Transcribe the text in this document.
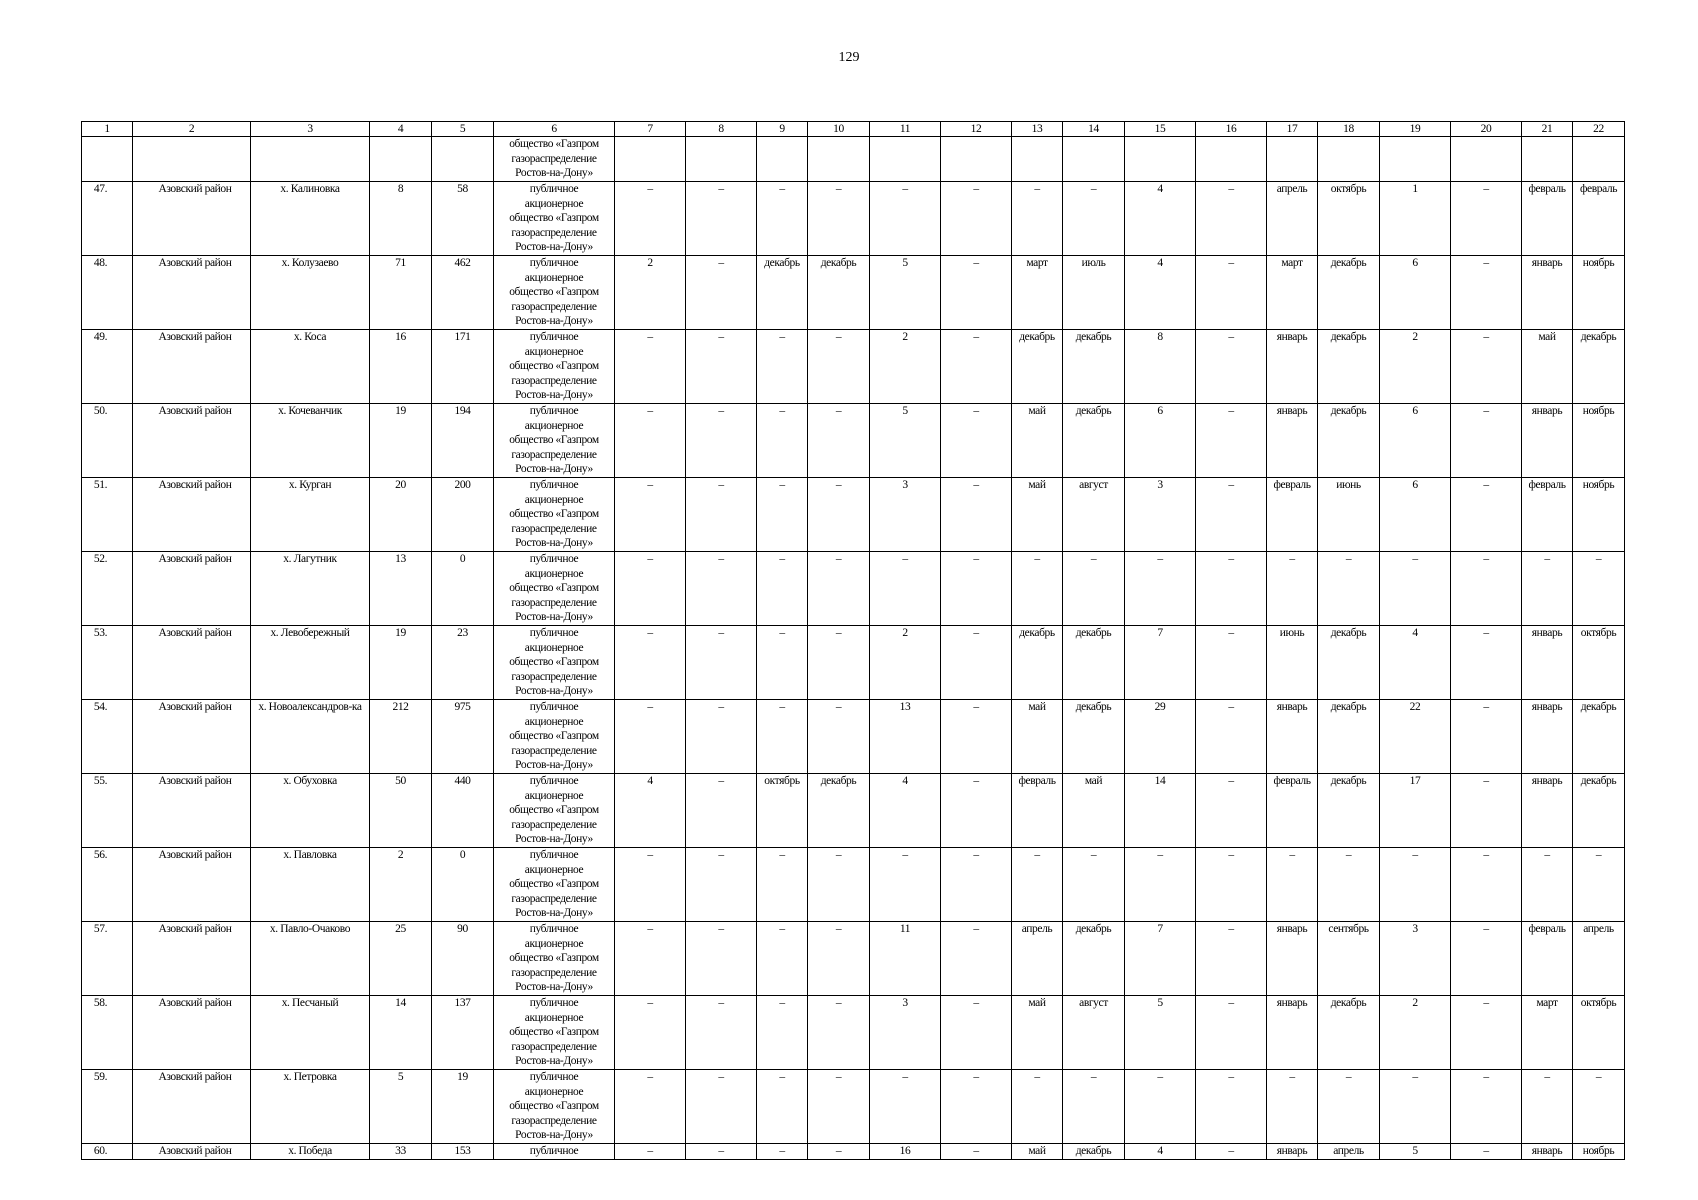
129
1	2	3	4	5	6	7	8	9	10	11	12	13	14	15	16	17	18	19	20	21	22
					общество «Газпром
газораспределение
Ростов-на-Дону»																
47.	Азовский район	х. Калиновка	8	58	публичное
акционерное
общество «Газпром
газораспределение
Ростов-на-Дону»	–	–	–	–	–	–	–	–	4	–	апрель	октябрь	1	–	февраль	февраль
48.	Азовский район	х. Колузаево	71	462	публичное
акционерное
общество «Газпром
газораспределение
Ростов-на-Дону»	2	–	декабрь	декабрь	5	–	март	июль	4	–	март	декабрь	6	–	январь	ноябрь
49.	Азовский район	х. Коса	16	171	публичное
акционерное
общество «Газпром
газораспределение
Ростов-на-Дону»	–	–	–	–	2	–	декабрь	декабрь	8	–	январь	декабрь	2	–	май	декабрь
50.	Азовский район	х. Кочеванчик	19	194	публичное
акционерное
общество «Газпром
газораспределение
Ростов-на-Дону»	–	–	–	–	5	–	май	декабрь	6	–	январь	декабрь	6	–	январь	ноябрь
51.	Азовский район	х. Курган	20	200	публичное
акционерное
общество «Газпром
газораспределение
Ростов-на-Дону»	–	–	–	–	3	–	май	август	3	–	февраль	июнь	6	–	февраль	ноябрь
52.	Азовский район	х. Лагутник	13	0	публичное
акционерное
общество «Газпром
газораспределение
Ростов-на-Дону»	–	–	–	–	–	–	–	–	–	–	–	–	–	–	–	–
53.	Азовский район	х. Левобережный	19	23	публичное
акционерное
общество «Газпром
газораспределение
Ростов-на-Дону»	–	–	–	–	2	–	декабрь	декабрь	7	–	июнь	декабрь	4	–	январь	октябрь
54.	Азовский район	х. Новоалександров-ка	212	975	публичное
акционерное
общество «Газпром
газораспределение
Ростов-на-Дону»	–	–	–	–	13	–	май	декабрь	29	–	январь	декабрь	22	–	январь	декабрь
55.	Азовский район	х. Обуховка	50	440	публичное
акционерное
общество «Газпром
газораспределение
Ростов-на-Дону»	4	–	октябрь	декабрь	4	–	февраль	май	14	–	февраль	декабрь	17	–	январь	декабрь
56.	Азовский район	х. Павловка	2	0	публичное
акционерное
общество «Газпром
газораспределение
Ростов-на-Дону»	–	–	–	–	–	–	–	–	–	–	–	–	–	–	–	–
57.	Азовский район	х. Павло-Очаково	25	90	публичное
акционерное
общество «Газпром
газораспределение
Ростов-на-Дону»	–	–	–	–	11	–	апрель	декабрь	7	–	январь	сентябрь	3	–	февраль	апрель
58.	Азовский район	х. Песчаный	14	137	публичное
акционерное
общество «Газпром
газораспределение
Ростов-на-Дону»	–	–	–	–	3	–	май	август	5	–	январь	декабрь	2	–	март	октябрь
59.	Азовский район	х. Петровка	5	19	публичное
акционерное
общество «Газпром
газораспределение
Ростов-на-Дону»	–	–	–	–	–	–	–	–	–	–	–	–	–	–	–	–
60.	Азовский район	х. Победа	33	153	публичное	–	–	–	–	16	–	май	декабрь	4	–	январь	апрель	5	–	январь	ноябрь
